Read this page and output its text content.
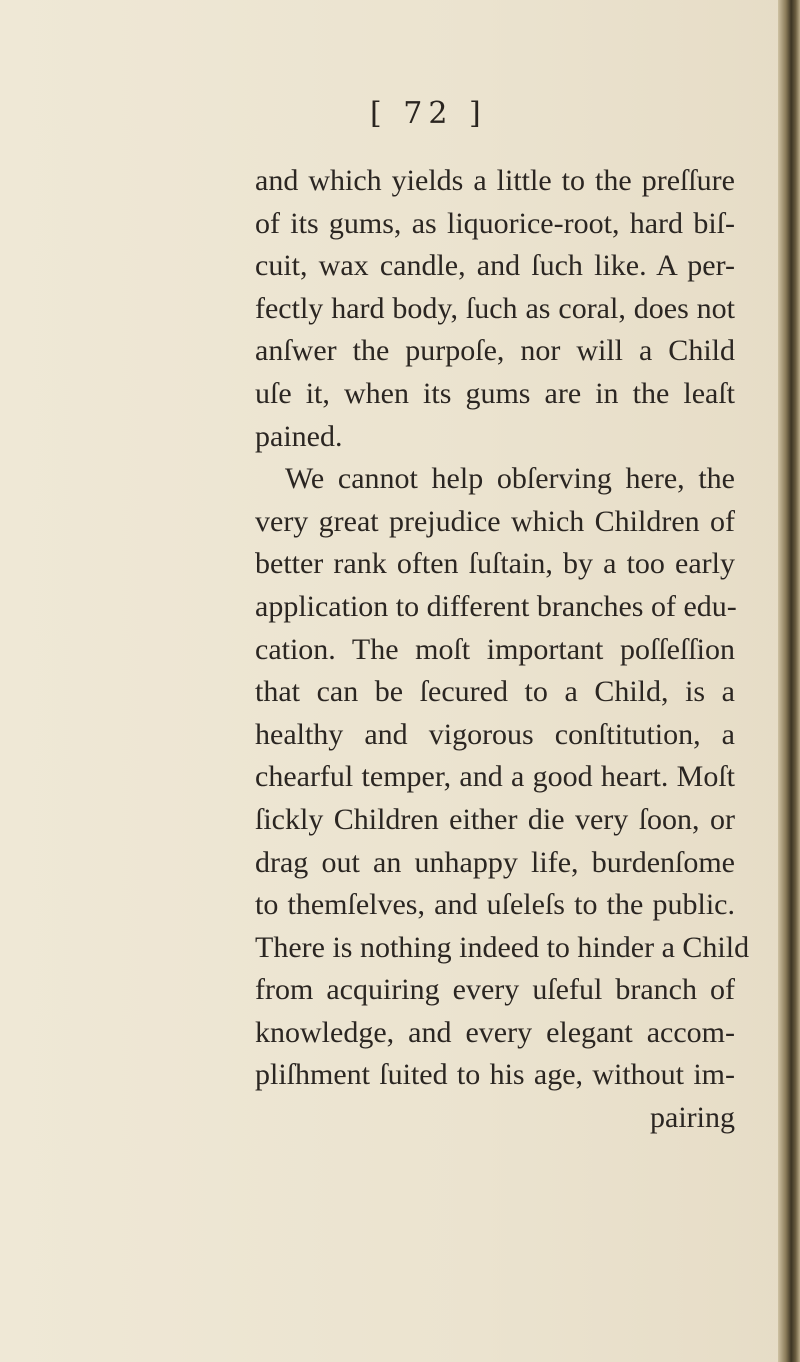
[ 72 ]
and which yields a little to the preſſure
of its gums, as liquorice-root, hard biſ-
cuit, wax candle, and ſuch like. A per-
fectly hard body, ſuch as coral, does not
anſwer the purpoſe, nor will a Child
uſe it, when its gums are in the leaſt
pained.
We cannot help obſerving here, the
very great prejudice which Children of
better rank often ſuſtain, by a too early
application to different branches of edu-
cation. The moſt important poſſeſſion
that can be ſecured to a Child, is a
healthy and vigorous conſtitution, a
chearful temper, and a good heart. Moſt
ſickly Children either die very ſoon, or
drag out an unhappy life, burdenſome
to themſelves, and uſeleſs to the public.
There is nothing indeed to hinder a Child
from acquiring every uſeful branch of
knowledge, and every elegant accom-
pliſhment ſuited to his age, without im-
pairing
